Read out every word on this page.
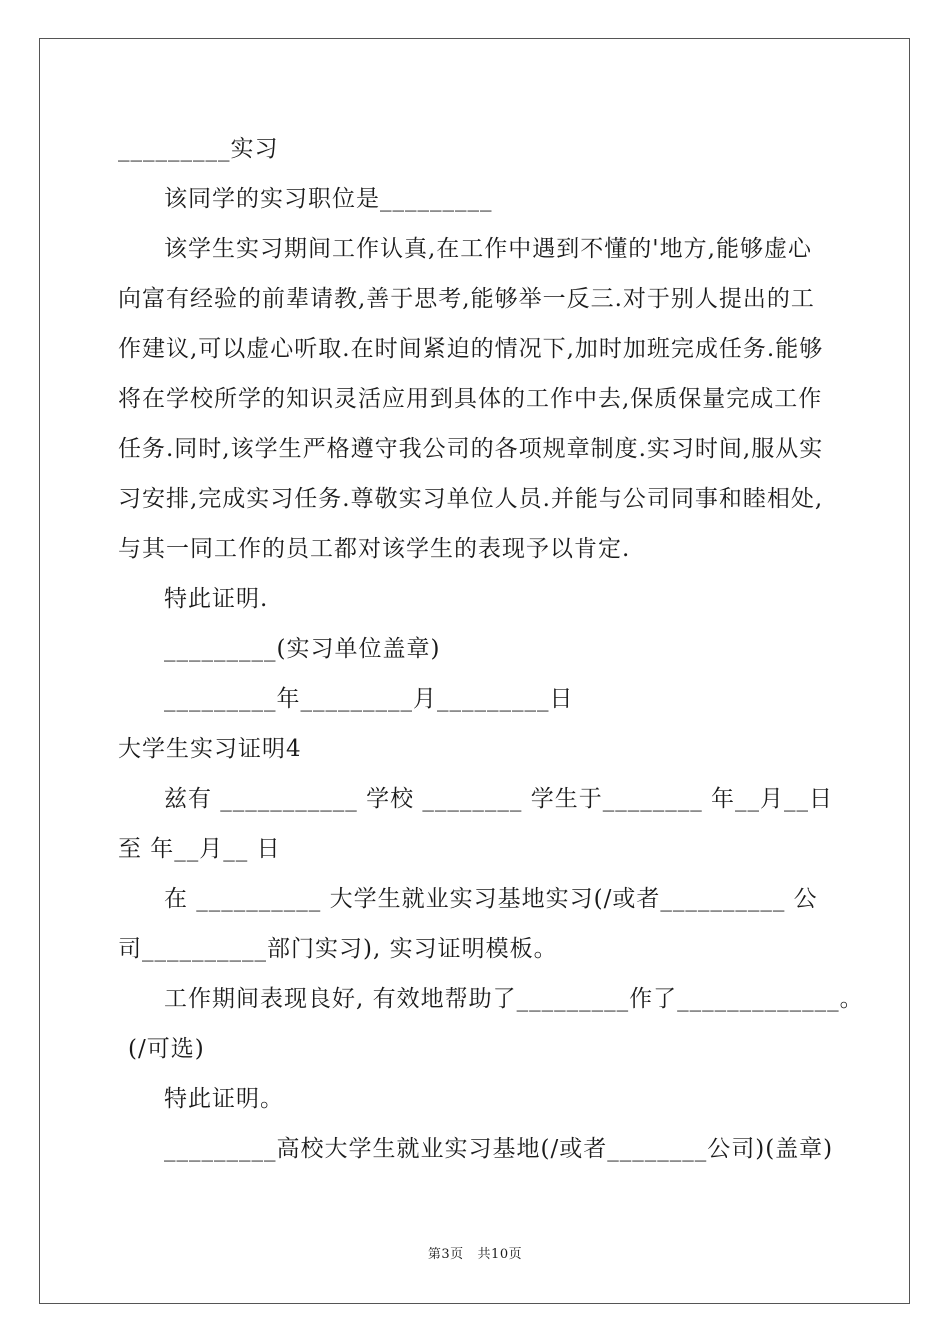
_________实习
该同学的实习职位是_________
该学生实习期间工作认真,在工作中遇到不懂的'地方,能够虚心
向富有经验的前辈请教,善于思考,能够举一反三.对于别人提出的工
作建议,可以虚心听取.在时间紧迫的情况下,加时加班完成任务.能够
将在学校所学的知识灵活应用到具体的工作中去,保质保量完成工作
任务.同时,该学生严格遵守我公司的各项规章制度.实习时间,服从实
习安排,完成实习任务.尊敬实习单位人员.并能与公司同事和睦相处,
与其一同工作的员工都对该学生的表现予以肯定.
特此证明.
_________(实习单位盖章)
_________年_________月_________日
大学生实习证明4
兹有 ___________ 学校 ________ 学生于________ 年__月__日
至 年__月__ 日
在 __________ 大学生就业实习基地实习(/或者__________ 公
司__________部门实习), 实习证明模板。
工作期间表现良好, 有效地帮助了_________作了_____________。
(/可选)
特此证明。
_________高校大学生就业实习基地(/或者________公司)(盖章)
第3页   共10页
